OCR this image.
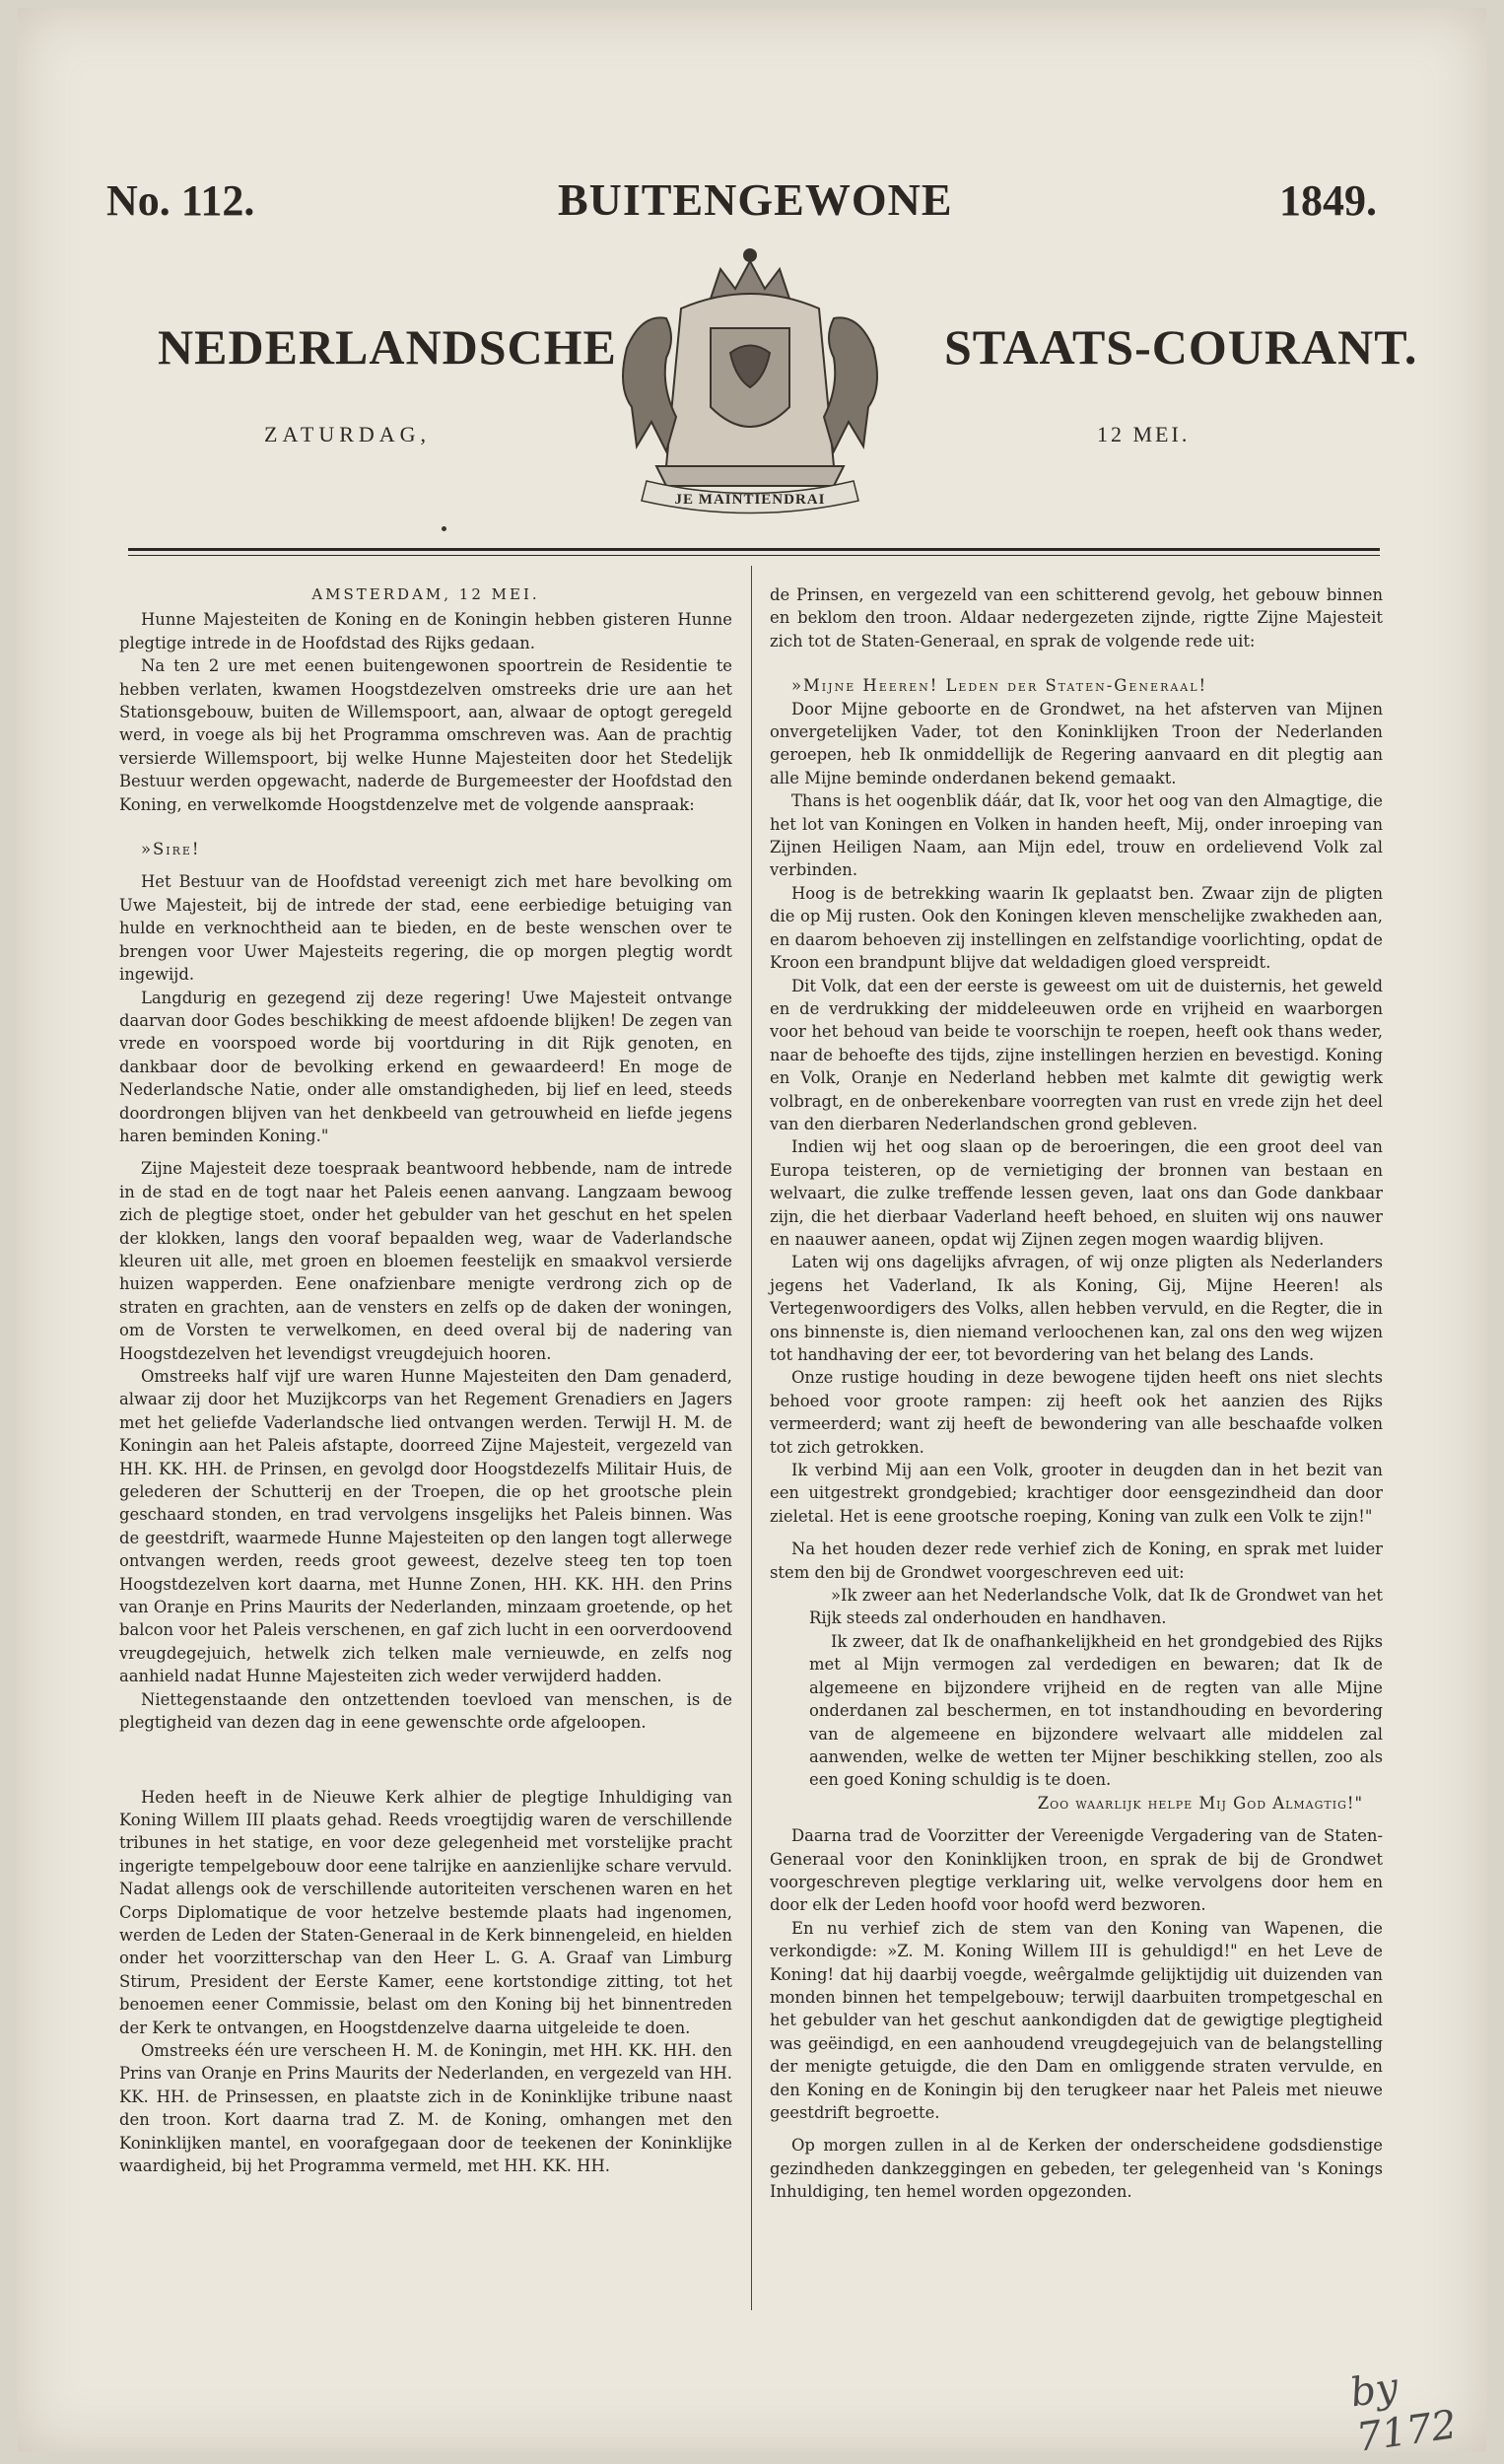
No. 112.	BUITENGEWONE	1849.
NEDERLANDSCHE	STAATS-COURANT.
ZATURDAG,	12 MEI.
JE MAINTIENDRAI

AMSTERDAM, 12 MEI.

Hunne Majesteiten de Koning en de Koningin hebben gisteren Hunne plegtige intrede in de Hoofdstad des Rijks gedaan.

Na ten 2 ure met eenen buitengewonen spoortrein de Residentie te hebben verlaten, kwamen Hoogstdezelven omstreeks drie ure aan het Stationsgebouw, buiten de Willemspoort, aan, alwaar de optogt geregeld werd, in voege als bij het Programma omschreven was. Aan de prachtig versierde Willemspoort, bij welke Hunne Majesteiten door het Stedelijk Bestuur werden opgewacht, naderde de Burgemeester der Hoofdstad den Koning, en verwelkomde Hoogstdenzelve met de volgende aanspraak:

»Sire!

Het Bestuur van de Hoofdstad vereenigt zich met hare bevolking om Uwe Majesteit, bij de intrede der stad, eene eerbiedige betuiging van hulde en verknochtheid aan te bieden, en de beste wenschen over te brengen voor Uwer Majesteits regering, die op morgen plegtig wordt ingewijd.

Langdurig en gezegend zij deze regering! Uwe Majesteit ontvange daarvan door Godes beschikking de meest afdoende blijken! De zegen van vrede en voorspoed worde bij voortduring in dit Rijk genoten, en dankbaar door de bevolking erkend en gewaardeerd! En moge de Nederlandsche Natie, onder alle omstandigheden, bij lief en leed, steeds doordrongen blijven van het denkbeeld van getrouwheid en liefde jegens haren beminden Koning."

Zijne Majesteit deze toespraak beantwoord hebbende, nam de intrede in de stad en de togt naar het Paleis eenen aanvang. Langzaam bewoog zich de plegtige stoet, onder het gebulder van het geschut en het spelen der klokken, langs den vooraf bepaalden weg, waar de Vaderlandsche kleuren uit alle, met groen en bloemen feestelijk en smaakvol versierde huizen wapperden. Eene onafzienbare menigte verdrong zich op de straten en grachten, aan de vensters en zelfs op de daken der woningen, om de Vorsten te verwelkomen, en deed overal bij de nadering van Hoogstdezelven het levendigst vreugdejuich hooren.

Omstreeks half vijf ure waren Hunne Majesteiten den Dam genaderd, alwaar zij door het Muzijkcorps van het Regement Grenadiers en Jagers met het geliefde Vaderlandsche lied ontvangen werden. Terwijl H. M. de Koningin aan het Paleis afstapte, doorreed Zijne Majesteit, vergezeld van HH. KK. HH. de Prinsen, en gevolgd door Hoogstdezelfs Militair Huis, de gelederen der Schutterij en der Troepen, die op het grootsche plein geschaard stonden, en trad vervolgens insgelijks het Paleis binnen. Was de geestdrift, waarmede Hunne Majesteiten op den langen togt allerwege ontvangen werden, reeds groot geweest, dezelve steeg ten top toen Hoogstdezelven kort daarna, met Hunne Zonen, HH. KK. HH. den Prins van Oranje en Prins Maurits der Nederlanden, minzaam groetende, op het balcon voor het Paleis verschenen, en gaf zich lucht in een oorverdoovend vreugdegejuich, hetwelk zich telken male vernieuwde, en zelfs nog aanhield nadat Hunne Majesteiten zich weder verwijderd hadden.

Niettegenstaande den ontzettenden toevloed van menschen, is de plegtigheid van dezen dag in eene gewenschte orde afgeloopen.

Heden heeft in de Nieuwe Kerk alhier de plegtige Inhuldiging van Koning Willem III plaats gehad. Reeds vroegtijdig waren de verschillende tribunes in het statige, en voor deze gelegenheid met vorstelijke pracht ingerigte tempelgebouw door eene talrijke en aanzienlijke schare vervuld. Nadat allengs ook de verschillende autoriteiten verschenen waren en het Corps Diplomatique de voor hetzelve bestemde plaats had ingenomen, werden de Leden der Staten-Generaal in de Kerk binnengeleid, en hielden onder het voorzitterschap van den Heer L. G. A. Graaf van Limburg Stirum, President der Eerste Kamer, eene kortstondige zitting, tot het benoemen eener Commissie, belast om den Koning bij het binnentreden der Kerk te ontvangen, en Hoogstdenzelve daarna uitgeleide te doen.

Omstreeks één ure verscheen H. M. de Koningin, met HH. KK. HH. den Prins van Oranje en Prins Maurits der Nederlanden, en vergezeld van HH. KK. HH. de Prinsessen, en plaatste zich in de Koninklijke tribune naast den troon. Kort daarna trad Z. M. de Koning, omhangen met den Koninklijken mantel, en voorafgegaan door de teekenen der Koninklijke waardigheid, bij het Programma vermeld, met HH. KK. HH.

de Prinsen, en vergezeld van een schitterend gevolg, het gebouw binnen en beklom den troon. Aldaar nedergezeten zijnde, rigtte Zijne Majesteit zich tot de Staten-Generaal, en sprak de volgende rede uit:

»Mijne Heeren! Leden der Staten-Generaal!

Door Mijne geboorte en de Grondwet, na het afsterven van Mijnen onvergetelijken Vader, tot den Koninklijken Troon der Nederlanden geroepen, heb Ik onmiddellijk de Regering aanvaard en dit plegtig aan alle Mijne beminde onderdanen bekend gemaakt.

Thans is het oogenblik dáár, dat Ik, voor het oog van den Almagtige, die het lot van Koningen en Volken in handen heeft, Mij, onder inroeping van Zijnen Heiligen Naam, aan Mijn edel, trouw en ordelievend Volk zal verbinden.

Hoog is de betrekking waarin Ik geplaatst ben. Zwaar zijn de pligten die op Mij rusten. Ook den Koningen kleven menschelijke zwakheden aan, en daarom behoeven zij instellingen en zelfstandige voorlichting, opdat de Kroon een brandpunt blijve dat weldadigen gloed verspreidt.

Dit Volk, dat een der eerste is geweest om uit de duisternis, het geweld en de verdrukking der middeleeuwen orde en vrijheid en waarborgen voor het behoud van beide te voorschijn te roepen, heeft ook thans weder, naar de behoefte des tijds, zijne instellingen herzien en bevestigd. Koning en Volk, Oranje en Nederland hebben met kalmte dit gewigtig werk volbragt, en de onberekenbare voorregten van rust en vrede zijn het deel van den dierbaren Nederlandschen grond gebleven.

Indien wij het oog slaan op de beroeringen, die een groot deel van Europa teisteren, op de vernietiging der bronnen van bestaan en welvaart, die zulke treffende lessen geven, laat ons dan Gode dankbaar zijn, die het dierbaar Vaderland heeft behoed, en sluiten wij ons nauwer en naauwer aaneen, opdat wij Zijnen zegen mogen waardig blijven.

Laten wij ons dagelijks afvragen, of wij onze pligten als Nederlanders jegens het Vaderland, Ik als Koning, Gij, Mijne Heeren! als Vertegenwoordigers des Volks, allen hebben vervuld, en die Regter, die in ons binnenste is, dien niemand verloochenen kan, zal ons den weg wijzen tot handhaving der eer, tot bevordering van het belang des Lands.

Onze rustige houding in deze bewogene tijden heeft ons niet slechts behoed voor groote rampen: zij heeft ook het aanzien des Rijks vermeerderd; want zij heeft de bewondering van alle beschaafde volken tot zich getrokken.

Ik verbind Mij aan een Volk, grooter in deugden dan in het bezit van een uitgestrekt grondgebied; krachtiger door eensgezindheid dan door zieletal. Het is eene grootsche roeping, Koning van zulk een Volk te zijn!"

Na het houden dezer rede verhief zich de Koning, en sprak met luider stem den bij de Grondwet voorgeschreven eed uit:

»Ik zweer aan het Nederlandsche Volk, dat Ik de Grondwet van het Rijk steeds zal onderhouden en handhaven.

Ik zweer, dat Ik de onafhankelijkheid en het grondgebied des Rijks met al Mijn vermogen zal verdedigen en bewaren; dat Ik de algemeene en bijzondere vrijheid en de regten van alle Mijne onderdanen zal beschermen, en tot instandhouding en bevordering van de algemeene en bijzondere welvaart alle middelen zal aanwenden, welke de wetten ter Mijner beschikking stellen, zoo als een goed Koning schuldig is te doen.

Zoo waarlijk helpe Mij God Almagtig!"

Daarna trad de Voorzitter der Vereenigde Vergadering van de Staten-Generaal voor den Koninklijken troon, en sprak de bij de Grondwet voorgeschreven plegtige verklaring uit, welke vervolgens door hem en door elk der Leden hoofd voor hoofd werd bezworen.

En nu verhief zich de stem van den Koning van Wapenen, die verkondigde: »Z. M. Koning Willem III is gehuldigd!" en het Leve de Koning! dat hij daarbij voegde, weêrgalmde gelijktijdig uit duizenden van monden binnen het tempelgebouw; terwijl daarbuiten trompetgeschal en het gebulder van het geschut aankondigden dat de gewigtige plegtigheid was geëindigd, en een aanhoudend vreugdegejuich van de belangstelling der menigte getuigde, die den Dam en omliggende straten vervulde, en den Koning en de Koningin bij den terugkeer naar het Paleis met nieuwe geestdrift begroette.

Op morgen zullen in al de Kerken der onderscheidene godsdienstige gezindheden dankzeggingen en gebeden, ter gelegenheid van 's Konings Inhuldiging, ten hemel worden opgezonden.

by 7172
